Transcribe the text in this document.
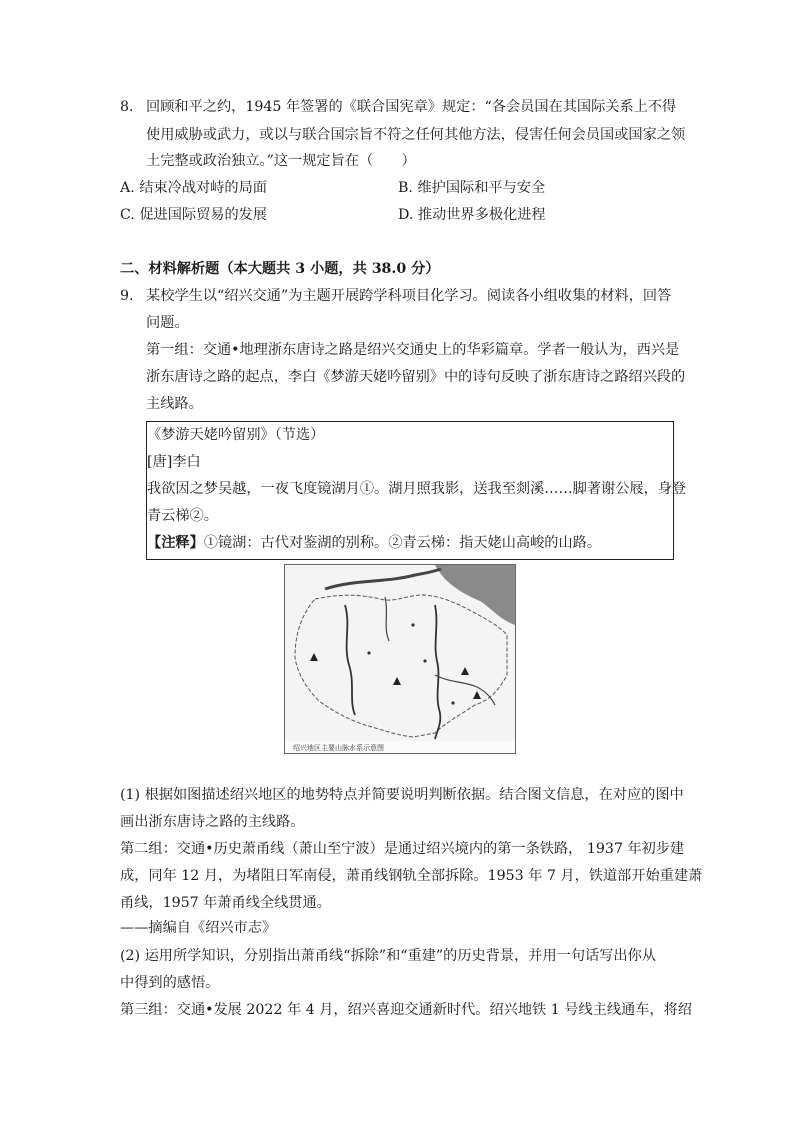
8. 回顾和平之约，1945 年签署的《联合国宪章》规定：“各会员国在其国际关系上不得
使用威胁或武力，或以与联合国宗旨不符之任何其他方法，侵害任何会员国或国家之领
土完整或政治独立。”这一规定旨在（　　）
A. 结束冷战对峙的局面	B. 维护国际和平与安全
C. 促进国际贸易的发展	D. 推动世界多极化进程
二、材料解析题（本大题共 3 小题，共 38.0 分）
9. 某校学生以“绍兴交通”为主题开展跨学科项目化学习。阅读各小组收集的材料，回答
问题。
第一组：交通•地理浙东唐诗之路是绍兴交通史上的华彩篇章。学者一般认为，西兴是
浙东唐诗之路的起点，李白《梦游天姥吟留别》中的诗句反映了浙东唐诗之路绍兴段的
主线路。
《梦游天姥吟留别》（节选）
[唐]李白
我欲因之梦吴越，一夜飞度镜湖月①。湖月照我影，送我至剡溪……脚著谢公屐，身登
青云梯②。
【注释】①镜湖：古代对鉴湖的别称。②青云梯：指天姥山高峻的山路。
绍兴地区主要山脉水系示意图
(1) 根据如图描述绍兴地区的地势特点并简要说明判断依据。结合图文信息，在对应的图中
画出浙东唐诗之路的主线路。
第二组：交通•历史萧甬线（萧山至宁波）是通过绍兴境内的第一条铁路， 1937 年初步建
成，同年 12 月，为堵阻日军南侵，萧甬线钢轨全部拆除。1953 年 7 月，铁道部开始重建萧
甬线，1957 年萧甬线全线贯通。
——摘编自《绍兴市志》
(2) 运用所学知识，分别指出萧甬线“拆除”和“重建”的历史背景，并用一句话写出你从
中得到的感悟。
第三组：交通•发展 2022 年 4 月，绍兴喜迎交通新时代。绍兴地铁 1 号线主线通车，将绍
